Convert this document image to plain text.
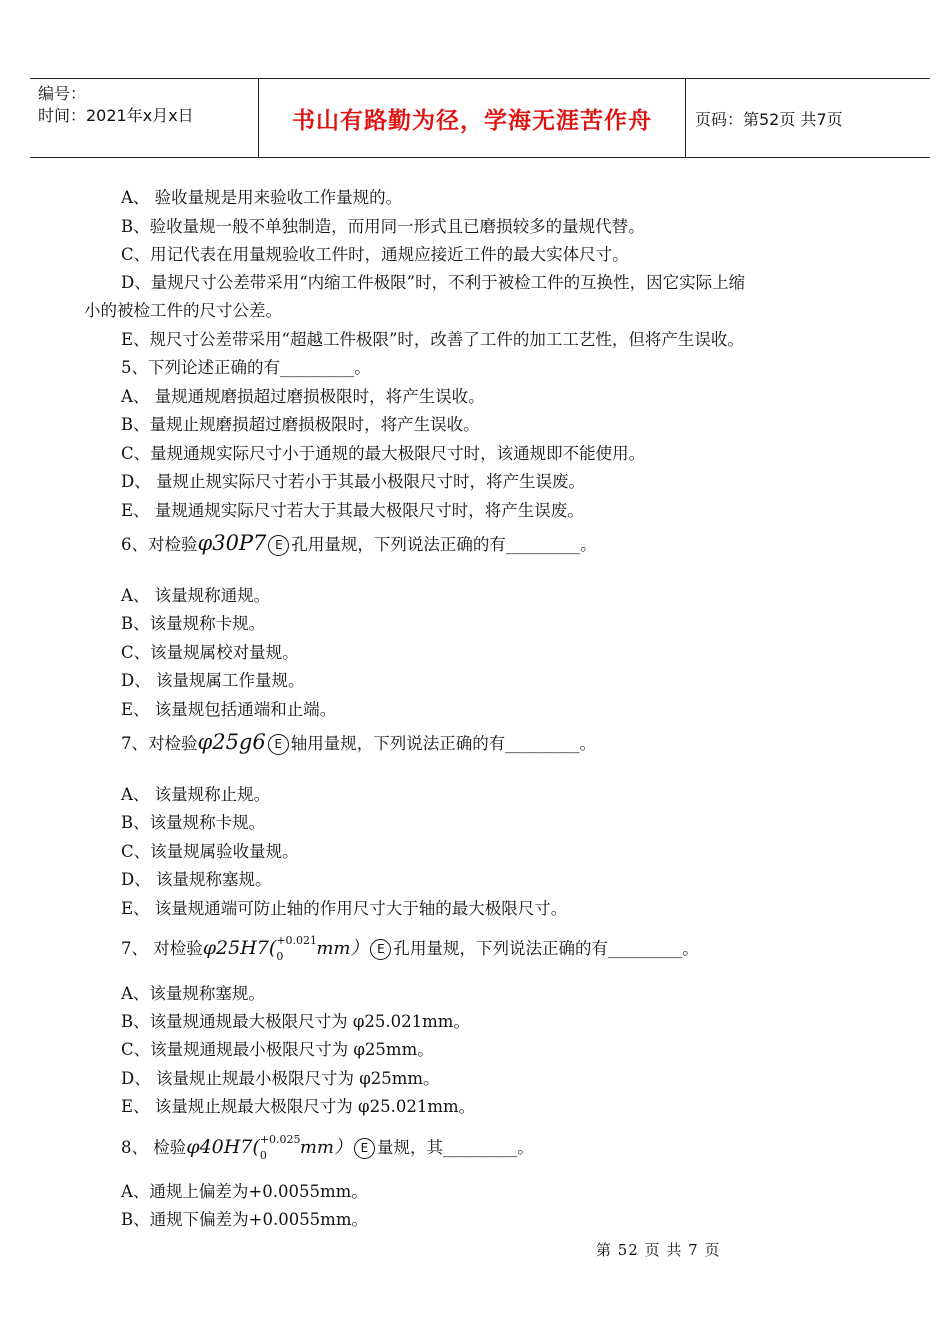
编号：
时间：2021年x月x日	书山有路勤为径，学海无涯苦作舟	页码：第52页 共7页
A、 验收量规是用来验收工作量规的。
B、验收量规一般不单独制造，而用同一形式且已磨损较多的量规代替。
C、用记代表在用量规验收工件时，通规应接近工件的最大实体尺寸。
D、量规尺寸公差带采用“内缩工件极限”时，不利于被检工件的互换性，因它实际上缩
小的被检工件的尺寸公差。
E、规尺寸公差带采用“超越工件极限”时，改善了工件的加工工艺性，但将产生误收。
5、下列论述正确的有_________。
A、 量规通规磨损超过磨损极限时，将产生误收。
B、量规止规磨损超过磨损极限时，将产生误收。
C、量规通规实际尺寸小于通规的最大极限尺寸时，该通规即不能使用。
D、 量规止规实际尺寸若小于其最小极限尺寸时，将产生误废。
E、 量规通规实际尺寸若大于其最大极限尺寸时，将产生误废。
6、对检验φ30P7 E 孔用量规，下列说法正确的有_________。
A、 该量规称通规。
B、该量规称卡规。
C、该量规属校对量规。
D、 该量规属工作量规。
E、 该量规包括通端和止端。
7、对检验φ25g6 E 轴用量规，下列说法正确的有_________。
A、 该量规称止规。
B、该量规称卡规。
C、该量规属验收量规。
D、 该量规称塞规。
E、 该量规通端可防止轴的作用尺寸大于轴的最大极限尺寸。
7、 对检验φ25H7( +0.021
0 mm） E 孔用量规，下列说法正确的有_________。
A、该量规称塞规。
B、该量规通规最大极限尺寸为 φ25.021mm。
C、该量规通规最小极限尺寸为 φ25mm。
D、 该量规止规最小极限尺寸为 φ25mm。
E、 该量规止规最大极限尺寸为 φ25.021mm。
8、 检验φ40H7( +0.025
0 mm） E 量规，其_________。
A、通规上偏差为+0.0055mm。
B、通规下偏差为+0.0055mm。
第 52 页 共 7 页
